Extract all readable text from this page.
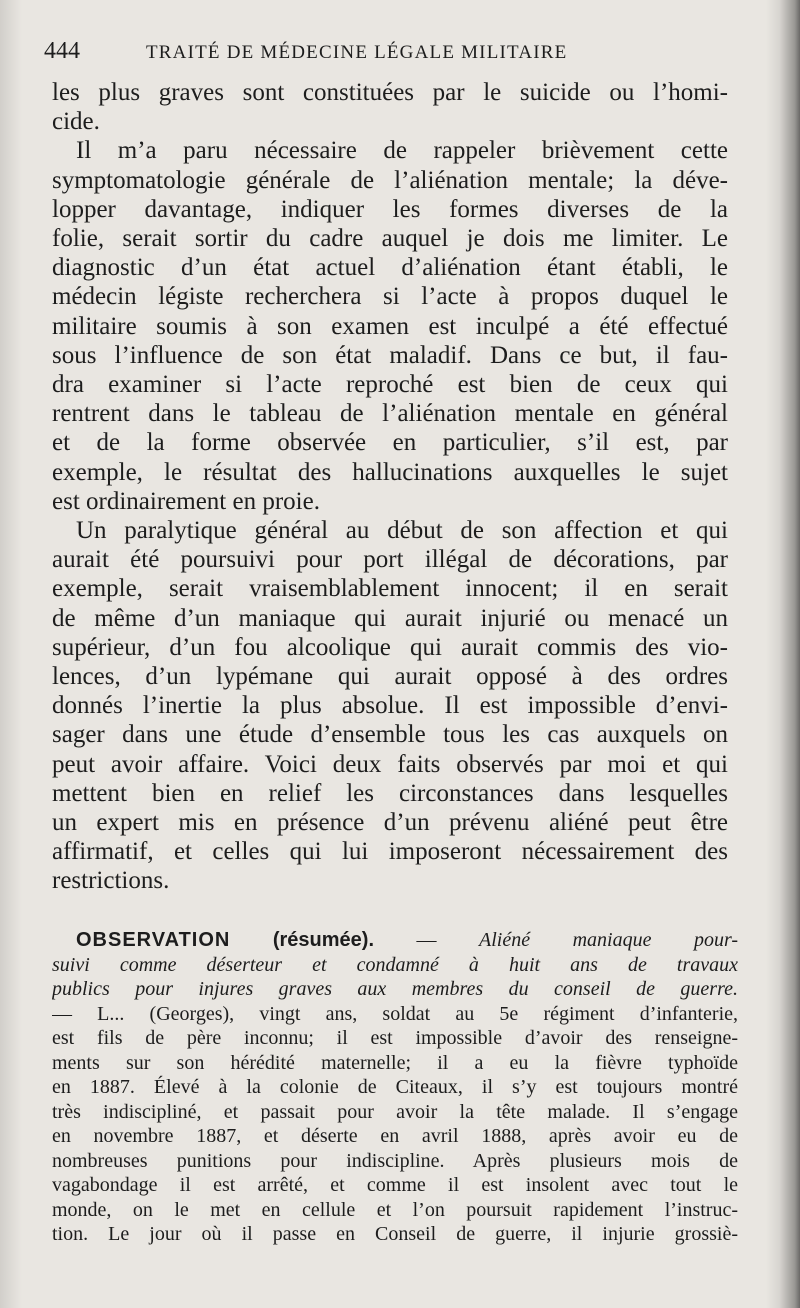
444	TRAITÉ DE MÉDECINE LÉGALE MILITAIRE
les plus graves sont constituées par le suicide ou l’homi-
cide.
Il m’a paru nécessaire de rappeler brièvement cette
symptomatologie générale de l’aliénation mentale; la déve-
lopper davantage, indiquer les formes diverses de la
folie, serait sortir du cadre auquel je dois me limiter. Le
diagnostic d’un état actuel d’aliénation étant établi, le
médecin légiste recherchera si l’acte à propos duquel le
militaire soumis à son examen est inculpé a été effectué
sous l’influence de son état maladif. Dans ce but, il fau-
dra examiner si l’acte reproché est bien de ceux qui
rentrent dans le tableau de l’aliénation mentale en général
et de la forme observée en particulier, s’il est, par
exemple, le résultat des hallucinations auxquelles le sujet
est ordinairement en proie.
Un paralytique général au début de son affection et qui
aurait été poursuivi pour port illégal de décorations, par
exemple, serait vraisemblablement innocent; il en serait
de même d’un maniaque qui aurait injurié ou menacé un
supérieur, d’un fou alcoolique qui aurait commis des vio-
lences, d’un lypémane qui aurait opposé à des ordres
donnés l’inertie la plus absolue. Il est impossible d’envi-
sager dans une étude d’ensemble tous les cas auxquels on
peut avoir affaire. Voici deux faits observés par moi et qui
mettent bien en relief les circonstances dans lesquelles
un expert mis en présence d’un prévenu aliéné peut être
affirmatif, et celles qui lui imposeront nécessairement des
restrictions.
OBSERVATION (résumée). — Aliéné maniaque pour-
suivi comme déserteur et condamné à huit ans de travaux
publics pour injures graves aux membres du conseil de guerre.
— L... (Georges), vingt ans, soldat au 5e régiment d’infanterie,
est fils de père inconnu; il est impossible d’avoir des renseigne-
ments sur son hérédité maternelle; il a eu la fièvre typhoïde
en 1887. Élevé à la colonie de Citeaux, il s’y est toujours montré
très indiscipliné, et passait pour avoir la tête malade. Il s’engage
en novembre 1887, et déserte en avril 1888, après avoir eu de
nombreuses punitions pour indiscipline. Après plusieurs mois de
vagabondage il est arrêté, et comme il est insolent avec tout le
monde, on le met en cellule et l’on poursuit rapidement l’instruc-
tion. Le jour où il passe en Conseil de guerre, il injurie grossiè-
